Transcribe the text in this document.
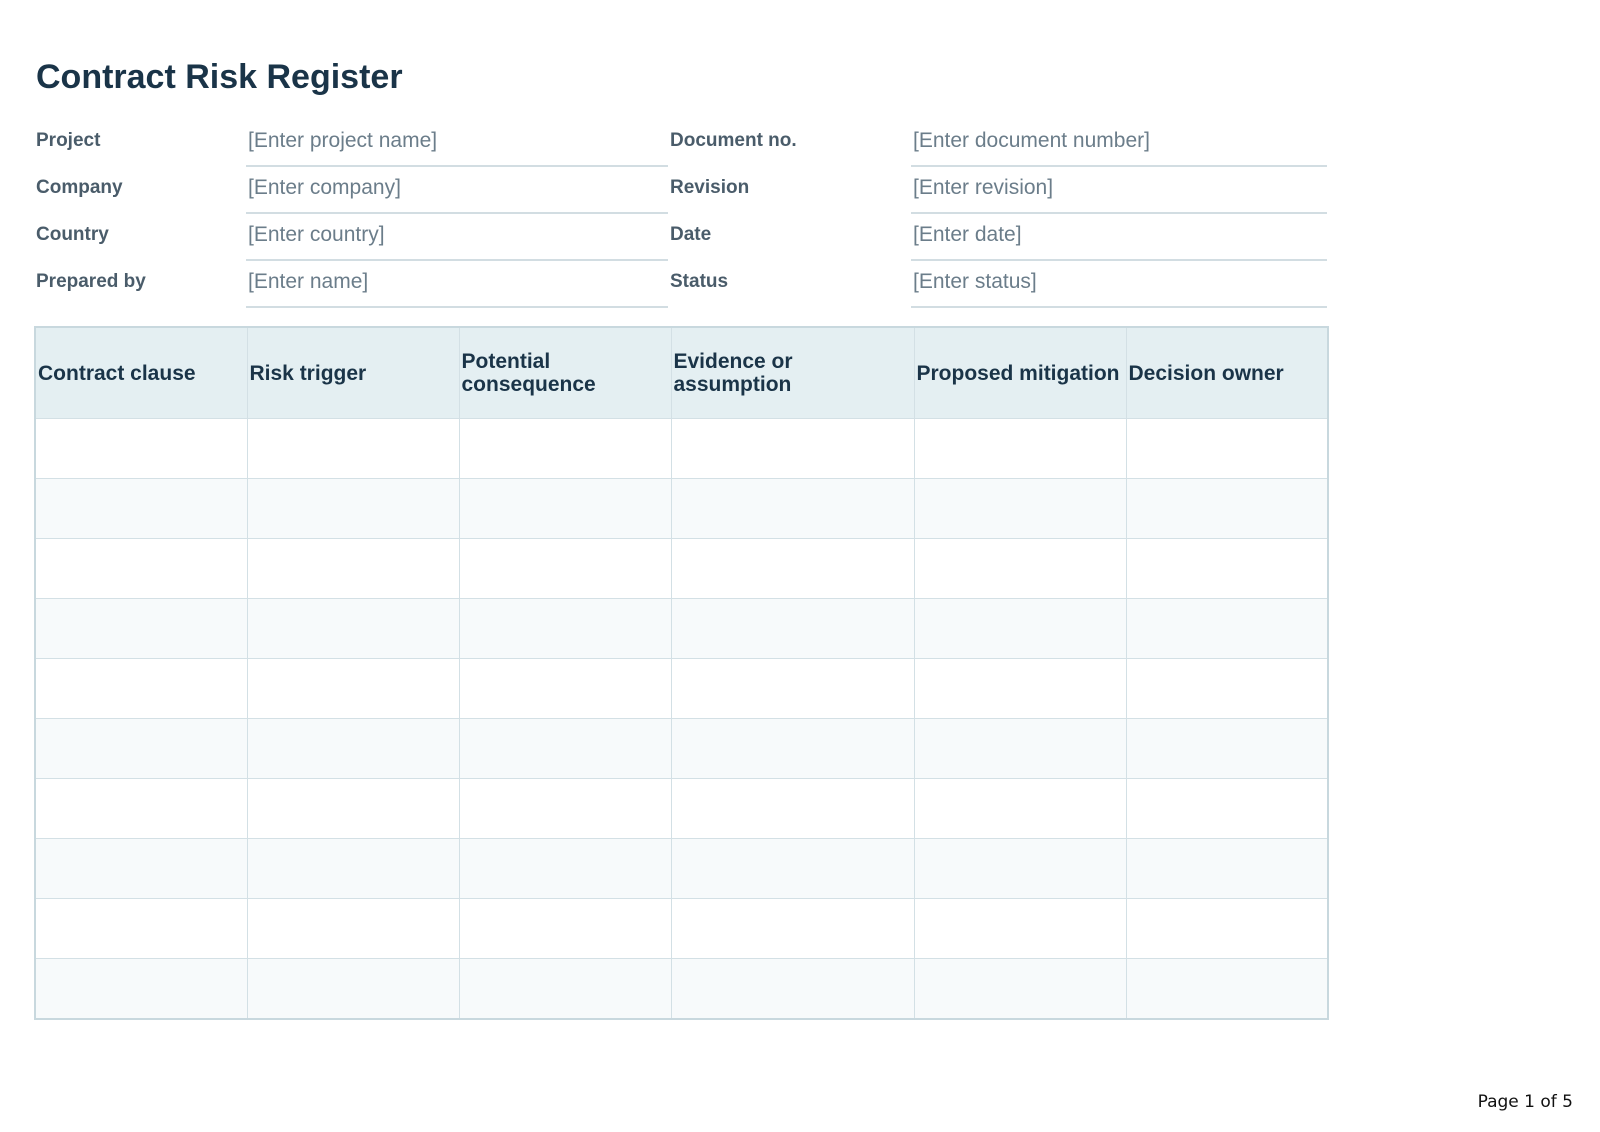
Contract Risk Register
Project	[Enter project name]	Document no.	[Enter document number]
Company	[Enter company]	Revision	[Enter revision]
Country	[Enter country]	Date	[Enter date]
Prepared by	[Enter name]	Status	[Enter status]
Contract clause	Risk trigger	Potential consequence	Evidence or assumption	Proposed mitigation	Decision owner

Page 1 of 5
